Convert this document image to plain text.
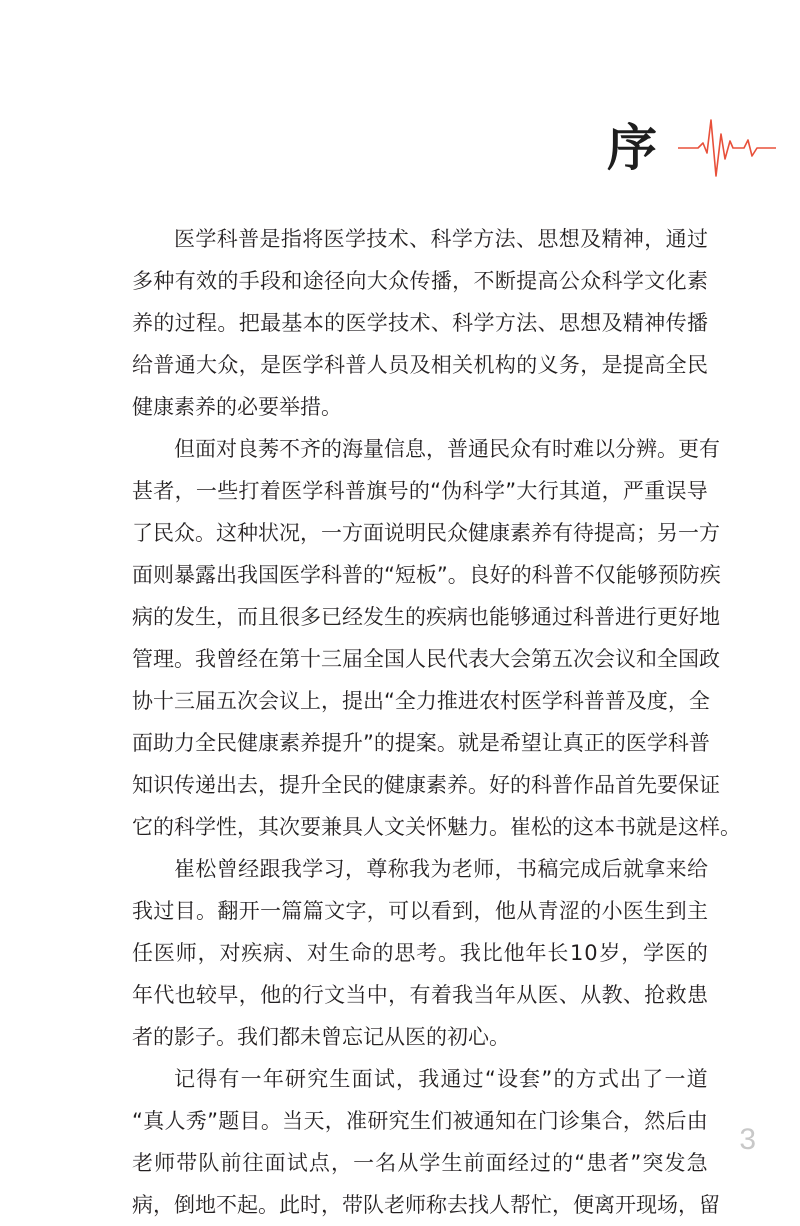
序
医 学 科 普 是 指 将 医 学 技 术 、 科 学 方 法 、 思 想 及 精 神 ， 通 过
多 种 有 效 的 手 段 和 途 径 向 大 众 传 播 ， 不 断 提 高 公 众 科 学 文 化 素
养 的 过 程 。 把 最 基 本 的 医 学 技 术 、 科 学 方 法 、 思 想 及 精 神 传 播
给 普 通 大 众 ， 是 医 学 科 普 人 员 及 相 关 机 构 的 义 务 ， 是 提 高 全 民
健康素养的必要举措。
但 面 对 良 莠 不 齐 的 海 量 信 息 ， 普 通 民 众 有 时 难 以 分 辨 。 更 有
甚 者 ， 一 些 打 着 医 学 科 普 旗 号 的 “ 伪 科 学 ” 大 行 其 道 ， 严 重 误 导
了 民 众 。 这 种 状 况 ， 一 方 面 说 明 民 众 健 康 素 养 有 待 提 高 ； 另 一 方
面 则 暴 露 出 我 国 医 学 科 普 的 “ 短 板 ” 。 良 好 的 科 普 不 仅 能 够 预 防 疾
病 的 发 生 ， 而 且 很 多 已 经 发 生 的 疾 病 也 能 够 通 过 科 普 进 行 更 好 地
管 理 。 我 曾 经 在 第 十 三 届 全 国 人 民 代 表 大 会 第 五 次 会 议 和 全 国 政
协 十 三 届 五 次 会 议 上 ， 提 出 “ 全 力 推 进 农 村 医 学 科 普 普 及 度 ， 全
面 助 力 全 民 健 康 素 养 提 升 ” 的 提 案 。 就 是 希 望 让 真 正 的 医 学 科 普
知 识 传 递 出 去 ， 提 升 全 民 的 健 康 素 养 。 好 的 科 普 作 品 首 先 要 保 证
它的科学性，其次要兼具人文关怀魅力。崔松的这本书就是这样。
崔 松 曾 经 跟 我 学 习 ， 尊 称 我 为 老 师 ， 书 稿 完 成 后 就 拿 来 给
我 过 目 。 翻 开 一 篇 篇 文 字 ， 可 以 看 到 ， 他 从 青 涩 的 小 医 生 到 主
任 医 师 ， 对 疾 病 、 对 生 命 的 思 考 。 我 比 他 年 长 1 0 岁 ， 学 医 的
年 代 也 较 早 ， 他 的 行 文 当 中 ， 有 着 我 当 年 从 医 、 从 教 、 抢 救 患
者的影子。我们都未曾忘记从医的初心。
记 得 有 一 年 研 究 生 面 试 ， 我 通 过 “ 设 套 ” 的 方 式 出 了 一 道
“ 真 人 秀 ” 题 目 。 当 天 ， 准 研 究 生 们 被 通 知 在 门 诊 集 合 ， 然 后 由
老 师 带 队 前 往 面 试 点 ， 一 名 从 学 生 前 面 经 过 的 “ 患 者 ” 突 发 急
病 ， 倒 地 不 起 。 此 时 ， 带 队 老 师 称 去 找 人 帮 忙 ， 便 离 开 现 场 ， 留
3
